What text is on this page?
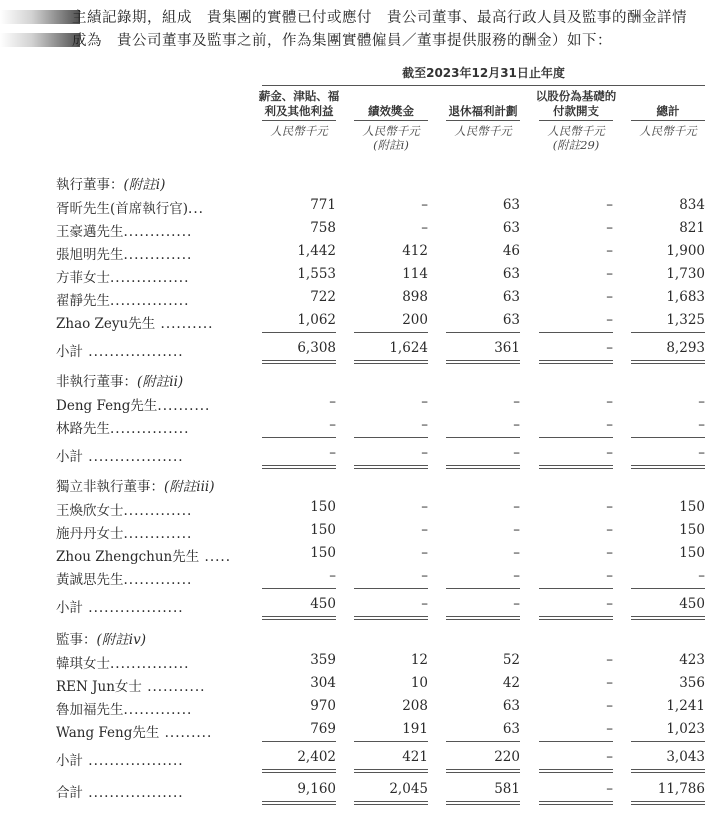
主績記錄期，組成　貴集團的實體已付或應付　貴公司董事、最高行政人員及監事的酬金詳情
成為　貴公司董事及監事之前，作為集團實體僱員／董事提供服務的酬金）如下：
截至2023年12月31日止年度
薪金、津貼、福
利及其他利益
人民幣千元
績效獎金
人民幣千元
(附註i)
退休福利計劃
人民幣千元
以股份為基礎的
付款開支
人民幣千元
(附註29)
總計
人民幣千元
執行董事：(附註i)
胥昕先生(首席執行官)...	771	–	63	–	834
王豪邁先生.............	758	–	63	–	821
張旭明先生.............	1,442	412	46	–	1,900
方菲女士...............	1,553	114	63	–	1,730
翟靜先生...............	722	898	63	–	1,683
Zhao Zeyu先生 ..........	1,062	200	63	–	1,325
小計 ..................	6,308	1,624	361	–	8,293
非執行董事：(附註ii)
Deng Feng先生..........	–	–	–	–	–
林路先生...............	–	–	–	–	–
小計 ..................	–	–	–	–	–
獨立非執行董事：(附註iii)
王煥欣女士.............	150	–	–	–	150
施丹丹女士.............	150	–	–	–	150
Zhou Zhengchun先生 .....	150	–	–	–	150
黃誠思先生.............	–	–	–	–	–
小計 ..................	450	–	–	–	450
監事：(附註iv)
韓琪女士...............	359	12	52	–	423
REN Jun女士 ...........	304	10	42	–	356
魯加福先生.............	970	208	63	–	1,241
Wang Feng先生 .........	769	191	63	–	1,023
小計 ..................	2,402	421	220	–	3,043
合計 ..................	9,160	2,045	581	–	11,786
